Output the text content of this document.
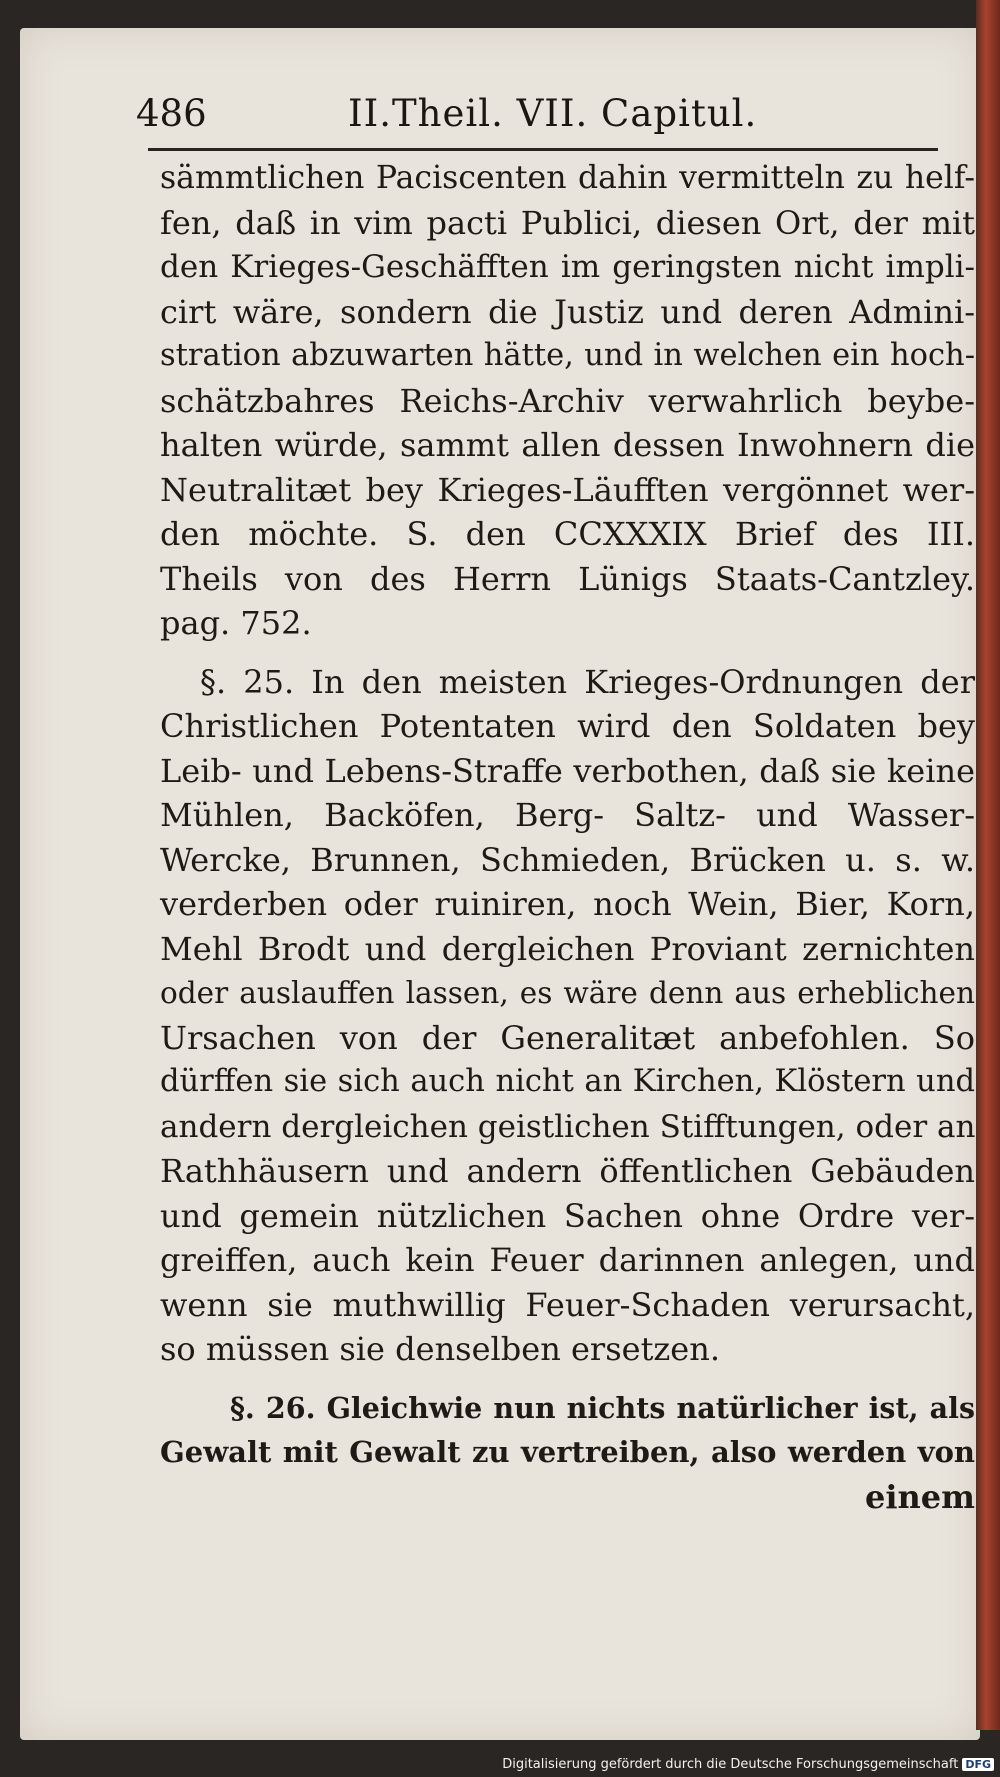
486	II.Theil. VII. Capitul.
sämmtlichen Paciscenten dahin vermitteln zu helf-
fen, daß in vim pacti Publici, diesen Ort, der mit
den Krieges-Geschäfften im geringsten nicht impli-
cirt wäre, sondern die Justiz und deren Admini-
stration abzuwarten hätte, und in welchen ein hoch-
schätzbahres Reichs-Archiv verwahrlich beybe-
halten würde, sammt allen dessen Inwohnern die
Neutralitæt bey Krieges-Läufften vergönnet wer-
den möchte. S. den CCXXXIX Brief des III.
Theils von des Herrn Lünigs Staats-Cantzley.
pag. 752.
§. 25. In den meisten Krieges-Ordnungen der
Christlichen Potentaten wird den Soldaten bey
Leib- und Lebens-Straffe verbothen, daß sie keine
Mühlen, Backöfen, Berg- Saltz- und Wasser-
Wercke, Brunnen, Schmieden, Brücken u. s. w.
verderben oder ruiniren, noch Wein, Bier, Korn,
Mehl Brodt und dergleichen Proviant zernichten
oder auslauffen lassen, es wäre denn aus erheblichen
Ursachen von der Generalitæt anbefohlen. So
dürffen sie sich auch nicht an Kirchen, Klöstern und
andern dergleichen geistlichen Stifftungen, oder an
Rathhäusern und andern öffentlichen Gebäuden
und gemein nützlichen Sachen ohne Ordre ver-
greiffen, auch kein Feuer darinnen anlegen, und
wenn sie muthwillig Feuer-Schaden verursacht,
so müssen sie denselben ersetzen.
§. 26. Gleichwie nun nichts natürlicher ist, als
Gewalt mit Gewalt zu vertreiben, also werden von
einem
Digitalisierung gefördert durch die Deutsche Forschungsgemeinschaft DFG
